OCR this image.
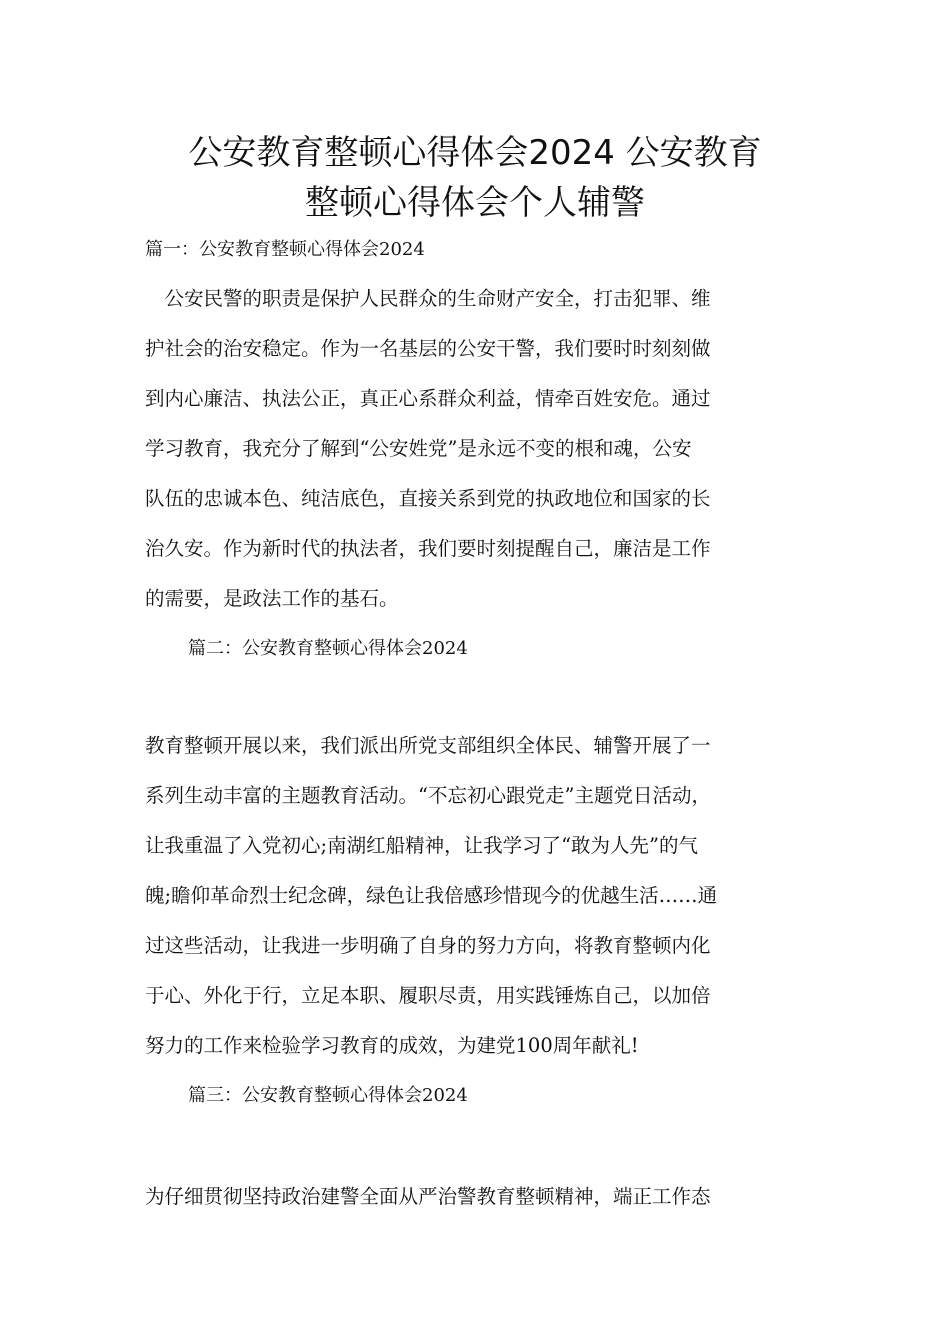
公安教育整顿心得体会2024 公安教育
整顿心得体会个人辅警

篇一：公安教育整顿心得体会2024

　公安民警的职责是保护人民群众的生命财产安全，打击犯罪、维
护社会的治安稳定。作为一名基层的公安干警，我们要时时刻刻做
到内心廉洁、执法公正，真正心系群众利益，情牵百姓安危。通过
学习教育，我充分了解到“公安姓党”是永远不变的根和魂，公安
队伍的忠诚本色、纯洁底色，直接关系到党的执政地位和国家的长
治久安。作为新时代的执法者，我们要时刻提醒自己，廉洁是工作
的需要，是政法工作的基石。

篇二：公安教育整顿心得体会2024

教育整顿开展以来，我们派出所党支部组织全体民、辅警开展了一
系列生动丰富的主题教育活动。“不忘初心跟党走”主题党日活动，
让我重温了入党初心;南湖红船精神，让我学习了“敢为人先”的气
魄;瞻仰革命烈士纪念碑，绿色让我倍感珍惜现今的优越生活……通
过这些活动，让我进一步明确了自身的努力方向，将教育整顿内化
于心、外化于行，立足本职、履职尽责，用实践锤炼自己，以加倍
努力的工作来检验学习教育的成效，为建党100周年献礼!

篇三：公安教育整顿心得体会2024

为仔细贯彻坚持政治建警全面从严治警教育整顿精神，端正工作态
